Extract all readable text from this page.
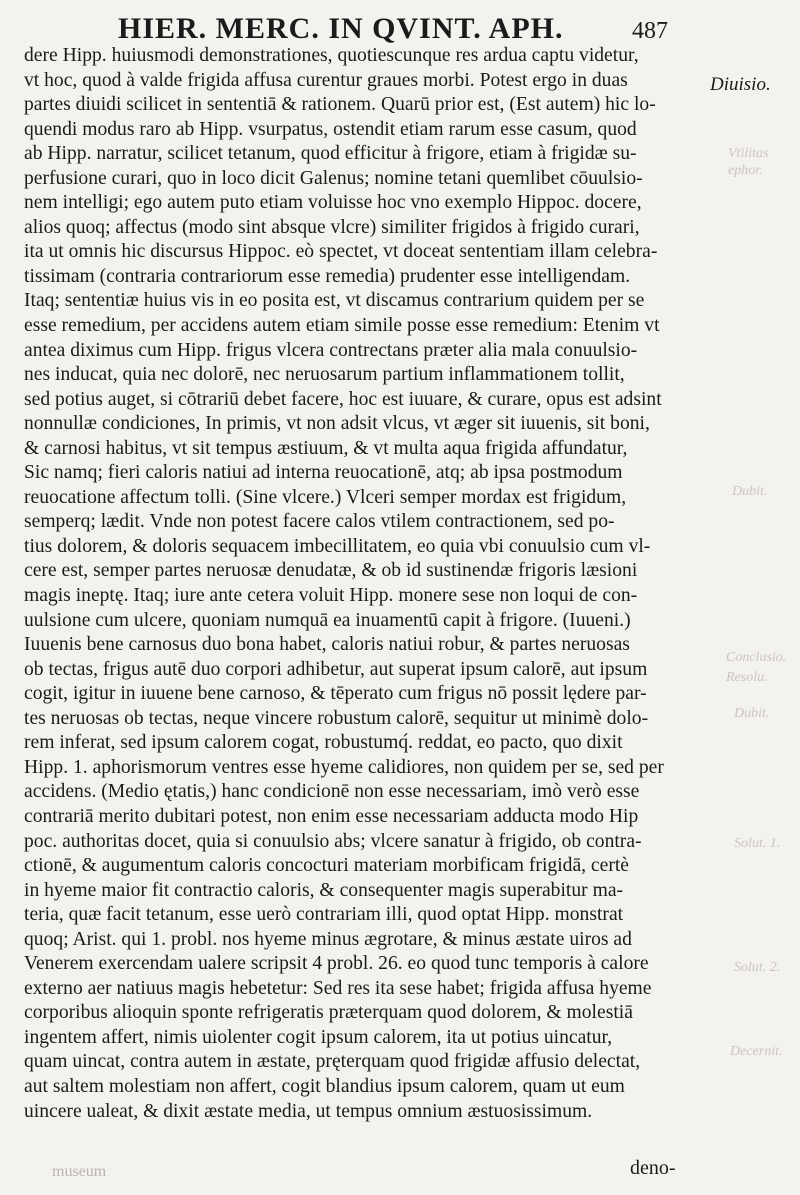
HIER. MERC. IN QVINT. APH.	487
dere Hipp. huiusmodi demonstrationes, quotiescunque res ardua captu videtur,
vt hoc, quod à valde frigida affusa curentur graues morbi. Potest ergo in duas
partes diuidi scilicet in sententiā & rationem. Quarū prior est, (Est autem) hic lo-
quendi modus raro ab Hipp. vsurpatus, ostendit etiam rarum esse casum, quod
ab Hipp. narratur, scilicet tetanum, quod efficitur à frigore, etiam à frigidæ su-
perfusione curari, quo in loco dicit Galenus; nomine tetani quemlibet cōuulsio-
nem intelligi; ego autem puto etiam voluisse hoc vno exemplo Hippoc. docere,
alios quoq; affectus (modo sint absque vlcre) similiter frigidos à frigido curari,
ita ut omnis hic discursus Hippoc. eò spectet, vt doceat sententiam illam celebra-
tissimam (contraria contrariorum esse remedia) prudenter esse intelligendam.
Itaq; sententiæ huius vis in eo posita est, vt discamus contrarium quidem per se
esse remedium, per accidens autem etiam simile posse esse remedium: Etenim vt
antea diximus cum Hipp. frigus vlcera contrectans præter alia mala conuulsio-
nes inducat, quia nec dolorē, nec neruosarum partium inflammationem tollit,
sed potius auget, si cōtrariū debet facere, hoc est iuuare, & curare, opus est adsint
nonnullæ condiciones, In primis, vt non adsit vlcus, vt æger sit iuuenis, sit boni,
& carnosi habitus, vt sit tempus æstiuum, & vt multa aqua frigida affundatur,
Sic namq; fieri caloris natiui ad interna reuocationē, atq; ab ipsa postmodum
reuocatione affectum tolli. (Sine vlcere.) Vlceri semper mordax est frigidum,
semperq; lædit. Vnde non potest facere calos vtilem contractionem, sed po-
tius dolorem, & doloris sequacem imbecillitatem, eo quia vbi conuulsio cum vl-
cere est, semper partes neruosæ denudatæ, & ob id sustinendæ frigoris læsioni
magis ineptę. Itaq; iure ante cetera voluit Hipp. monere sese non loqui de con-
uulsione cum ulcere, quoniam numquā ea inuamentū capit à frigore. (Iuueni.)
Iuuenis bene carnosus duo bona habet, caloris natiui robur, & partes neruosas
ob tectas, frigus autē duo corpori adhibetur, aut superat ipsum calorē, aut ipsum
cogit, igitur in iuuene bene carnoso, & tēperato cum frigus nō possit lędere par-
tes neruosas ob tectas, neque vincere robustum calorē, sequitur ut minimè dolo-
rem inferat, sed ipsum calorem cogat, robustumq́. reddat, eo pacto, quo dixit
Hipp. 1. aphorismorum ventres esse hyeme calidiores, non quidem per se, sed per
accidens. (Medio ętatis,) hanc condicionē non esse necessariam, imò verò esse
contrariā merito dubitari potest, non enim esse necessariam adducta modo Hip
poc. authoritas docet, quia si conuulsio abs; vlcere sanatur à frigido, ob contra-
ctionē, & augumentum caloris concocturi materiam morbificam frigidā, certè
in hyeme maior fit contractio caloris, & consequenter magis superabitur ma-
teria, quæ facit tetanum, esse uerò contrariam illi, quod optat Hipp. monstrat
quoq; Arist. qui 1. probl. nos hyeme minus ægrotare, & minus æstate uiros ad
Venerem exercendam ualere scripsit 4 probl. 26. eo quod tunc temporis à calore
externo aer natiuus magis hebetetur: Sed res ita sese habet; frigida affusa hyeme
corporibus alioquin sponte refrigeratis præterquam quod dolorem, & molestiā
ingentem affert, nimis uiolenter cogit ipsum calorem, ita ut potius uincatur,
quam uincat, contra autem in æstate, pręterquam quod frigidæ affusio delectat,
aut saltem molestiam non affert, cogit blandius ipsum calorem, quam ut eum
uincere ualeat, & dixit æstate media, ut tempus omnium æstuosissimum.
Diuisio.
Vtilitas
ephor.
Dubit.
Conclusio.
Resolu.
Dubit.
Solut. 1.
Solut. 2.
Decernit.
museum	deno-
